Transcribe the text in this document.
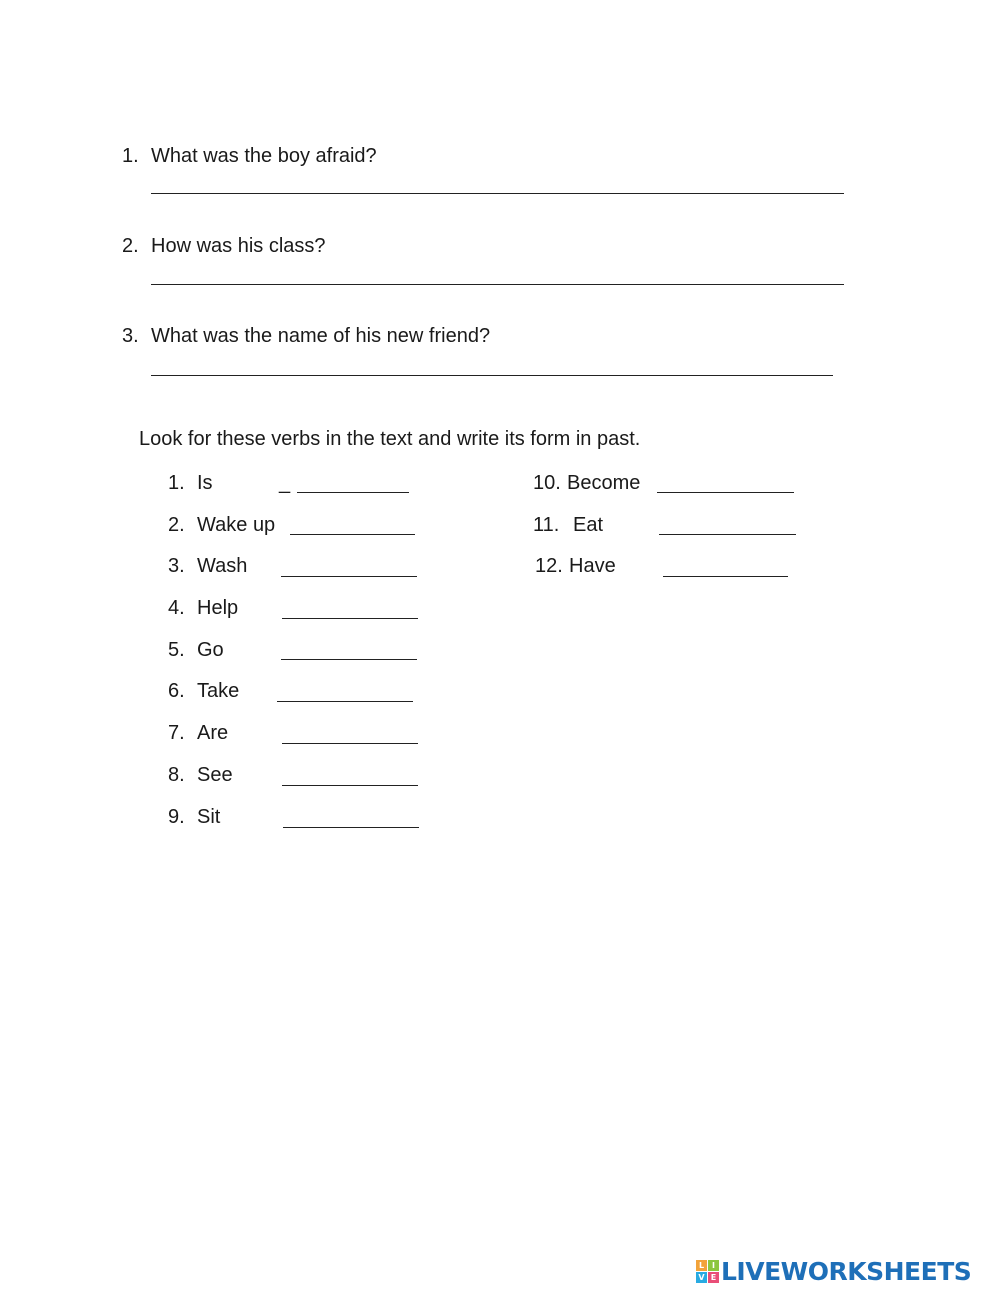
1. What was the boy afraid?
2. How was his class?
3. What was the name of his new friend?
Look for these verbs in the text and write its form in past.
1. Is	_
2. Wake up
3. Wash
4. Help
5. Go
6. Take
7. Are
8. See
9. Sit
10. Become
11. Eat
12. Have
L I
V E LIVEWORKSHEETS
